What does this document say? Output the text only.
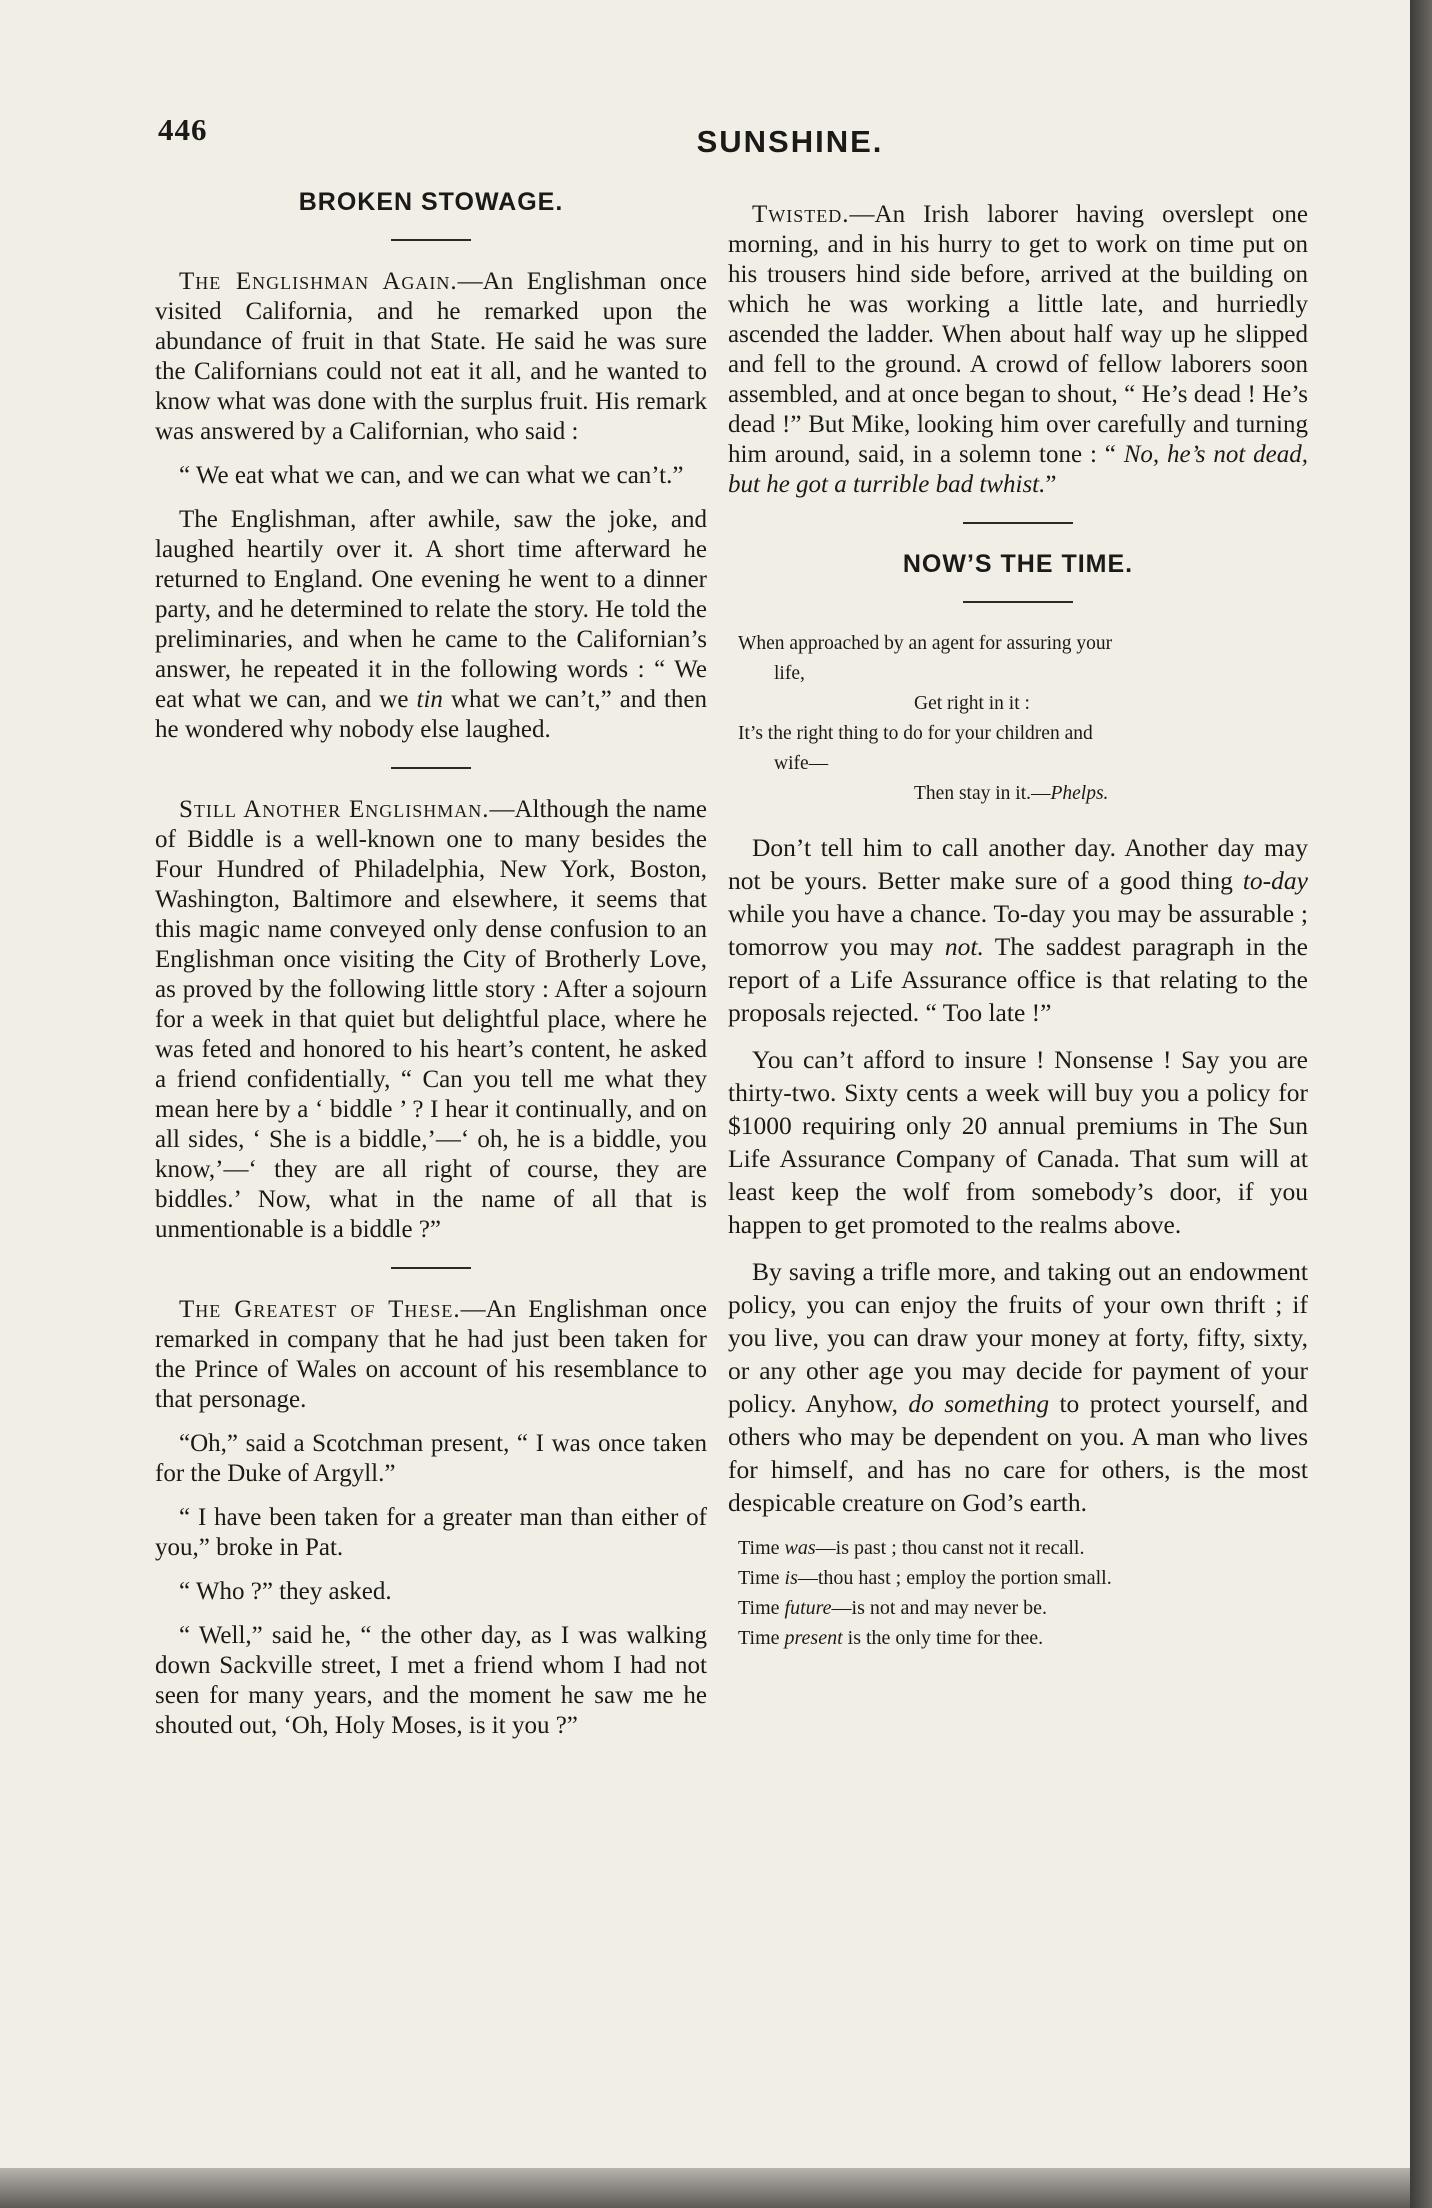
446	SUNSHINE.
BROKEN STOWAGE.

The Englishman Again.—An Englishman once visited California, and he remarked upon the abundance of fruit in that State. He said he was sure the Californians could not eat it all, and he wanted to know what was done with the surplus fruit. His remark was answered by a Californian, who said :

“ We eat what we can, and we can what we can’t.”

The Englishman, after awhile, saw the joke, and laughed heartily over it. A short time afterward he returned to England. One evening he went to a dinner party, and he determined to relate the story. He told the preliminaries, and when he came to the Californian’s answer, he repeated it in the following words : “ We eat what we can, and we tin what we can’t,” and then he wondered why nobody else laughed.

Still Another Englishman.—Although the name of Biddle is a well-known one to many besides the Four Hundred of Philadelphia, New York, Boston, Washington, Baltimore and elsewhere, it seems that this magic name conveyed only dense confusion to an Englishman once visiting the City of Brotherly Love, as proved by the following little story : After a sojourn for a week in that quiet but delightful place, where he was feted and honored to his heart’s content, he asked a friend confidentially, “ Can you tell me what they mean here by a ‘ biddle ’ ? I hear it continually, and on all sides, ‘ She is a biddle,’—‘ oh, he is a biddle, you know,’—‘ they are all right of course, they are biddles.’ Now, what in the name of all that is unmentionable is a biddle ?”

The Greatest of These.—An Englishman once remarked in company that he had just been taken for the Prince of Wales on account of his resemblance to that personage.

“Oh,” said a Scotchman present, “ I was once taken for the Duke of Argyll.”

“ I have been taken for a greater man than either of you,” broke in Pat.

“ Who ?” they asked.

“ Well,” said he, “ the other day, as I was walking down Sackville street, I met a friend whom I had not seen for many years, and the moment he saw me he shouted out, ‘Oh, Holy Moses, is it you ?”

Twisted.—An Irish laborer having overslept one morning, and in his hurry to get to work on time put on his trousers hind side before, arrived at the building on which he was working a little late, and hurriedly ascended the ladder. When about half way up he slipped and fell to the ground. A crowd of fellow laborers soon assembled, and at once began to shout, “ He’s dead ! He’s dead !” But Mike, looking him over carefully and turning him around, said, in a solemn tone : “ No, he’s not dead, but he got a turrible bad twhist.”

NOW’S THE TIME.
When approached by an agent for assuring your
life,
Get right in it :
It’s the right thing to do for your children and
wife—
Then stay in it.—Phelps.

Don’t tell him to call another day. Another day may not be yours. Better make sure of a good thing to-day while you have a chance. To-day you may be assurable ; tomorrow you may not. The saddest paragraph in the report of a Life Assurance office is that relating to the proposals rejected. “ Too late !”

You can’t afford to insure ! Nonsense ! Say you are thirty-two. Sixty cents a week will buy you a policy for $1000 requiring only 20 annual premiums in The Sun Life Assurance Company of Canada. That sum will at least keep the wolf from somebody’s door, if you happen to get promoted to the realms above.

By saving a trifle more, and taking out an endowment policy, you can enjoy the fruits of your own thrift ; if you live, you can draw your money at forty, fifty, sixty, or any other age you may decide for payment of your policy. Anyhow, do something to protect yourself, and others who may be dependent on you. A man who lives for himself, and has no care for others, is the most despicable creature on God’s earth.

Time was—is past ; thou canst not it recall.
Time is—thou hast ; employ the portion small.
Time future—is not and may never be.
Time present is the only time for thee.
